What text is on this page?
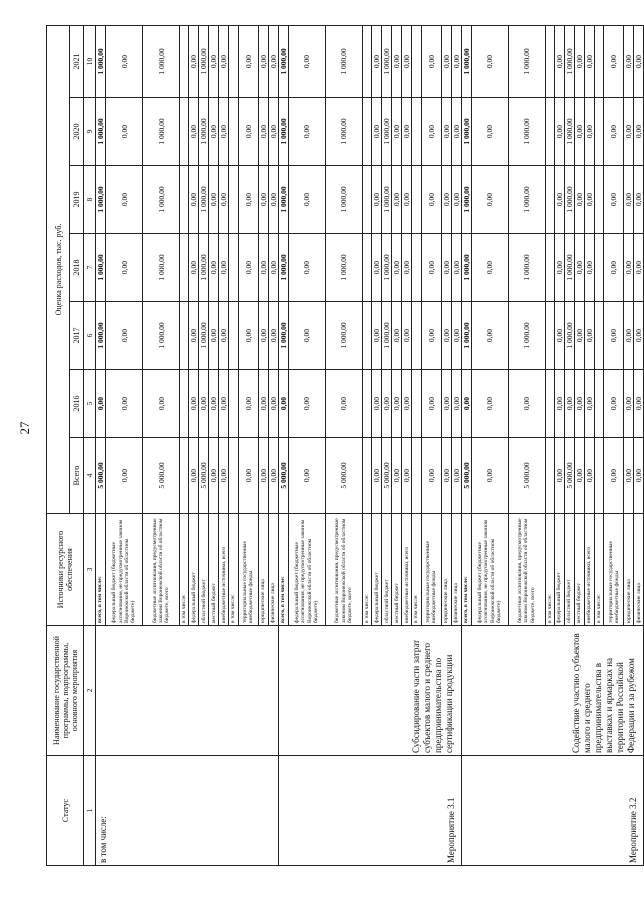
27
Статус	Наименование государственной программы, подпрограммы, основного мероприятия	Источники ресурсного обеспечения	Оценка расходов, тыс. руб.						
			Всего	2016	2017	2018	2019	2020	2021
1	2	3	4	5	6	7	8	9	10
в том числе:		всего, в том числе:	5 000,00	0,00	1 000,00	1 000,00	1 000,00	1 000,00	1 000,00
		федеральный бюджет (бюджетные ассигнования, не предусмотренные законом Воронежской области об областном бюджете)	0,00	0,00	0,00	0,00	0,00	0,00	0,00
		бюджетные ассигнования, предусмотренные законом Воронежской области об областном бюджете, всего	5 000,00	0,00	1 000,00	1 000,00	1 000,00	1 000,00	1 000,00
		в том числе:							
		федеральный бюджет	0,00	0,00	0,00	0,00	0,00	0,00	0,00
		областной бюджет	5 000,00	0,00	1 000,00	1 000,00	1 000,00	1 000,00	1 000,00
		местный бюджет	0,00	0,00	0,00	0,00	0,00	0,00	0,00
		внебюджетные источники, всего	0,00	0,00	0,00	0,00	0,00	0,00	0,00
		в том числе:							
		территориальные государственные внебюджетные фонды	0,00	0,00	0,00	0,00	0,00	0,00	0,00
		юридические лица	0,00	0,00	0,00	0,00	0,00	0,00	0,00
		физические лица	0,00	0,00	0,00	0,00	0,00	0,00	0,00
Мероприятие 3.1	Субсидирование части затрат субъектов малого и среднего предпринимательства по сертификации продукции	всего, в том числе:	5 000,00	0,00	1 000,00	1 000,00	1 000,00	1 000,00	1 000,00
		федеральный бюджет (бюджетные ассигнования, не предусмотренные законом Воронежской области об областном бюджете)	0,00	0,00	0,00	0,00	0,00	0,00	0,00
		бюджетные ассигнования, предусмотренные законом Воронежской области об областном бюджете, всего	5 000,00	0,00	1 000,00	1 000,00	1 000,00	1 000,00	1 000,00
		в том числе:							
		федеральный бюджет	0,00	0,00	0,00	0,00	0,00	0,00	0,00
		областной бюджет	5 000,00	0,00	1 000,00	1 000,00	1 000,00	1 000,00	1 000,00
		местный бюджет	0,00	0,00	0,00	0,00	0,00	0,00	0,00
		внебюджетные источники, всего	0,00	0,00	0,00	0,00	0,00	0,00	0,00
		в том числе:							
		территориальные государственные внебюджетные фонды	0,00	0,00	0,00	0,00	0,00	0,00	0,00
		юридические лица	0,00	0,00	0,00	0,00	0,00	0,00	0,00
		физические лица	0,00	0,00	0,00	0,00	0,00	0,00	0,00
Мероприятие 3.2	Содействие участию субъектов малого и среднего предпринимательства в выставках и ярмарках на территории Российской Федерации и за рубежом	всего, в том числе:	5 000,00	0,00	1 000,00	1 000,00	1 000,00	1 000,00	1 000,00
		федеральный бюджет (бюджетные ассигнования, не предусмотренные законом Воронежской области об областном бюджете)	0,00	0,00	0,00	0,00	0,00	0,00	0,00
		бюджетные ассигнования, предусмотренные законом Воронежской области об областном бюджете, всего	5 000,00	0,00	1 000,00	1 000,00	1 000,00	1 000,00	1 000,00
		в том числе:							
		федеральный бюджет	0,00	0,00	0,00	0,00	0,00	0,00	0,00
		областной бюджет	5 000,00	0,00	1 000,00	1 000,00	1 000,00	1 000,00	1 000,00
		местный бюджет	0,00	0,00	0,00	0,00	0,00	0,00	0,00
		внебюджетные источники, всего	0,00	0,00	0,00	0,00	0,00	0,00	0,00
		в том числе:							
		территориальные государственные внебюджетные фонды	0,00	0,00	0,00	0,00	0,00	0,00	0,00
		юридические лица	0,00	0,00	0,00	0,00	0,00	0,00	0,00
		физические лица	0,00	0,00	0,00	0,00	0,00	0,00	0,00
